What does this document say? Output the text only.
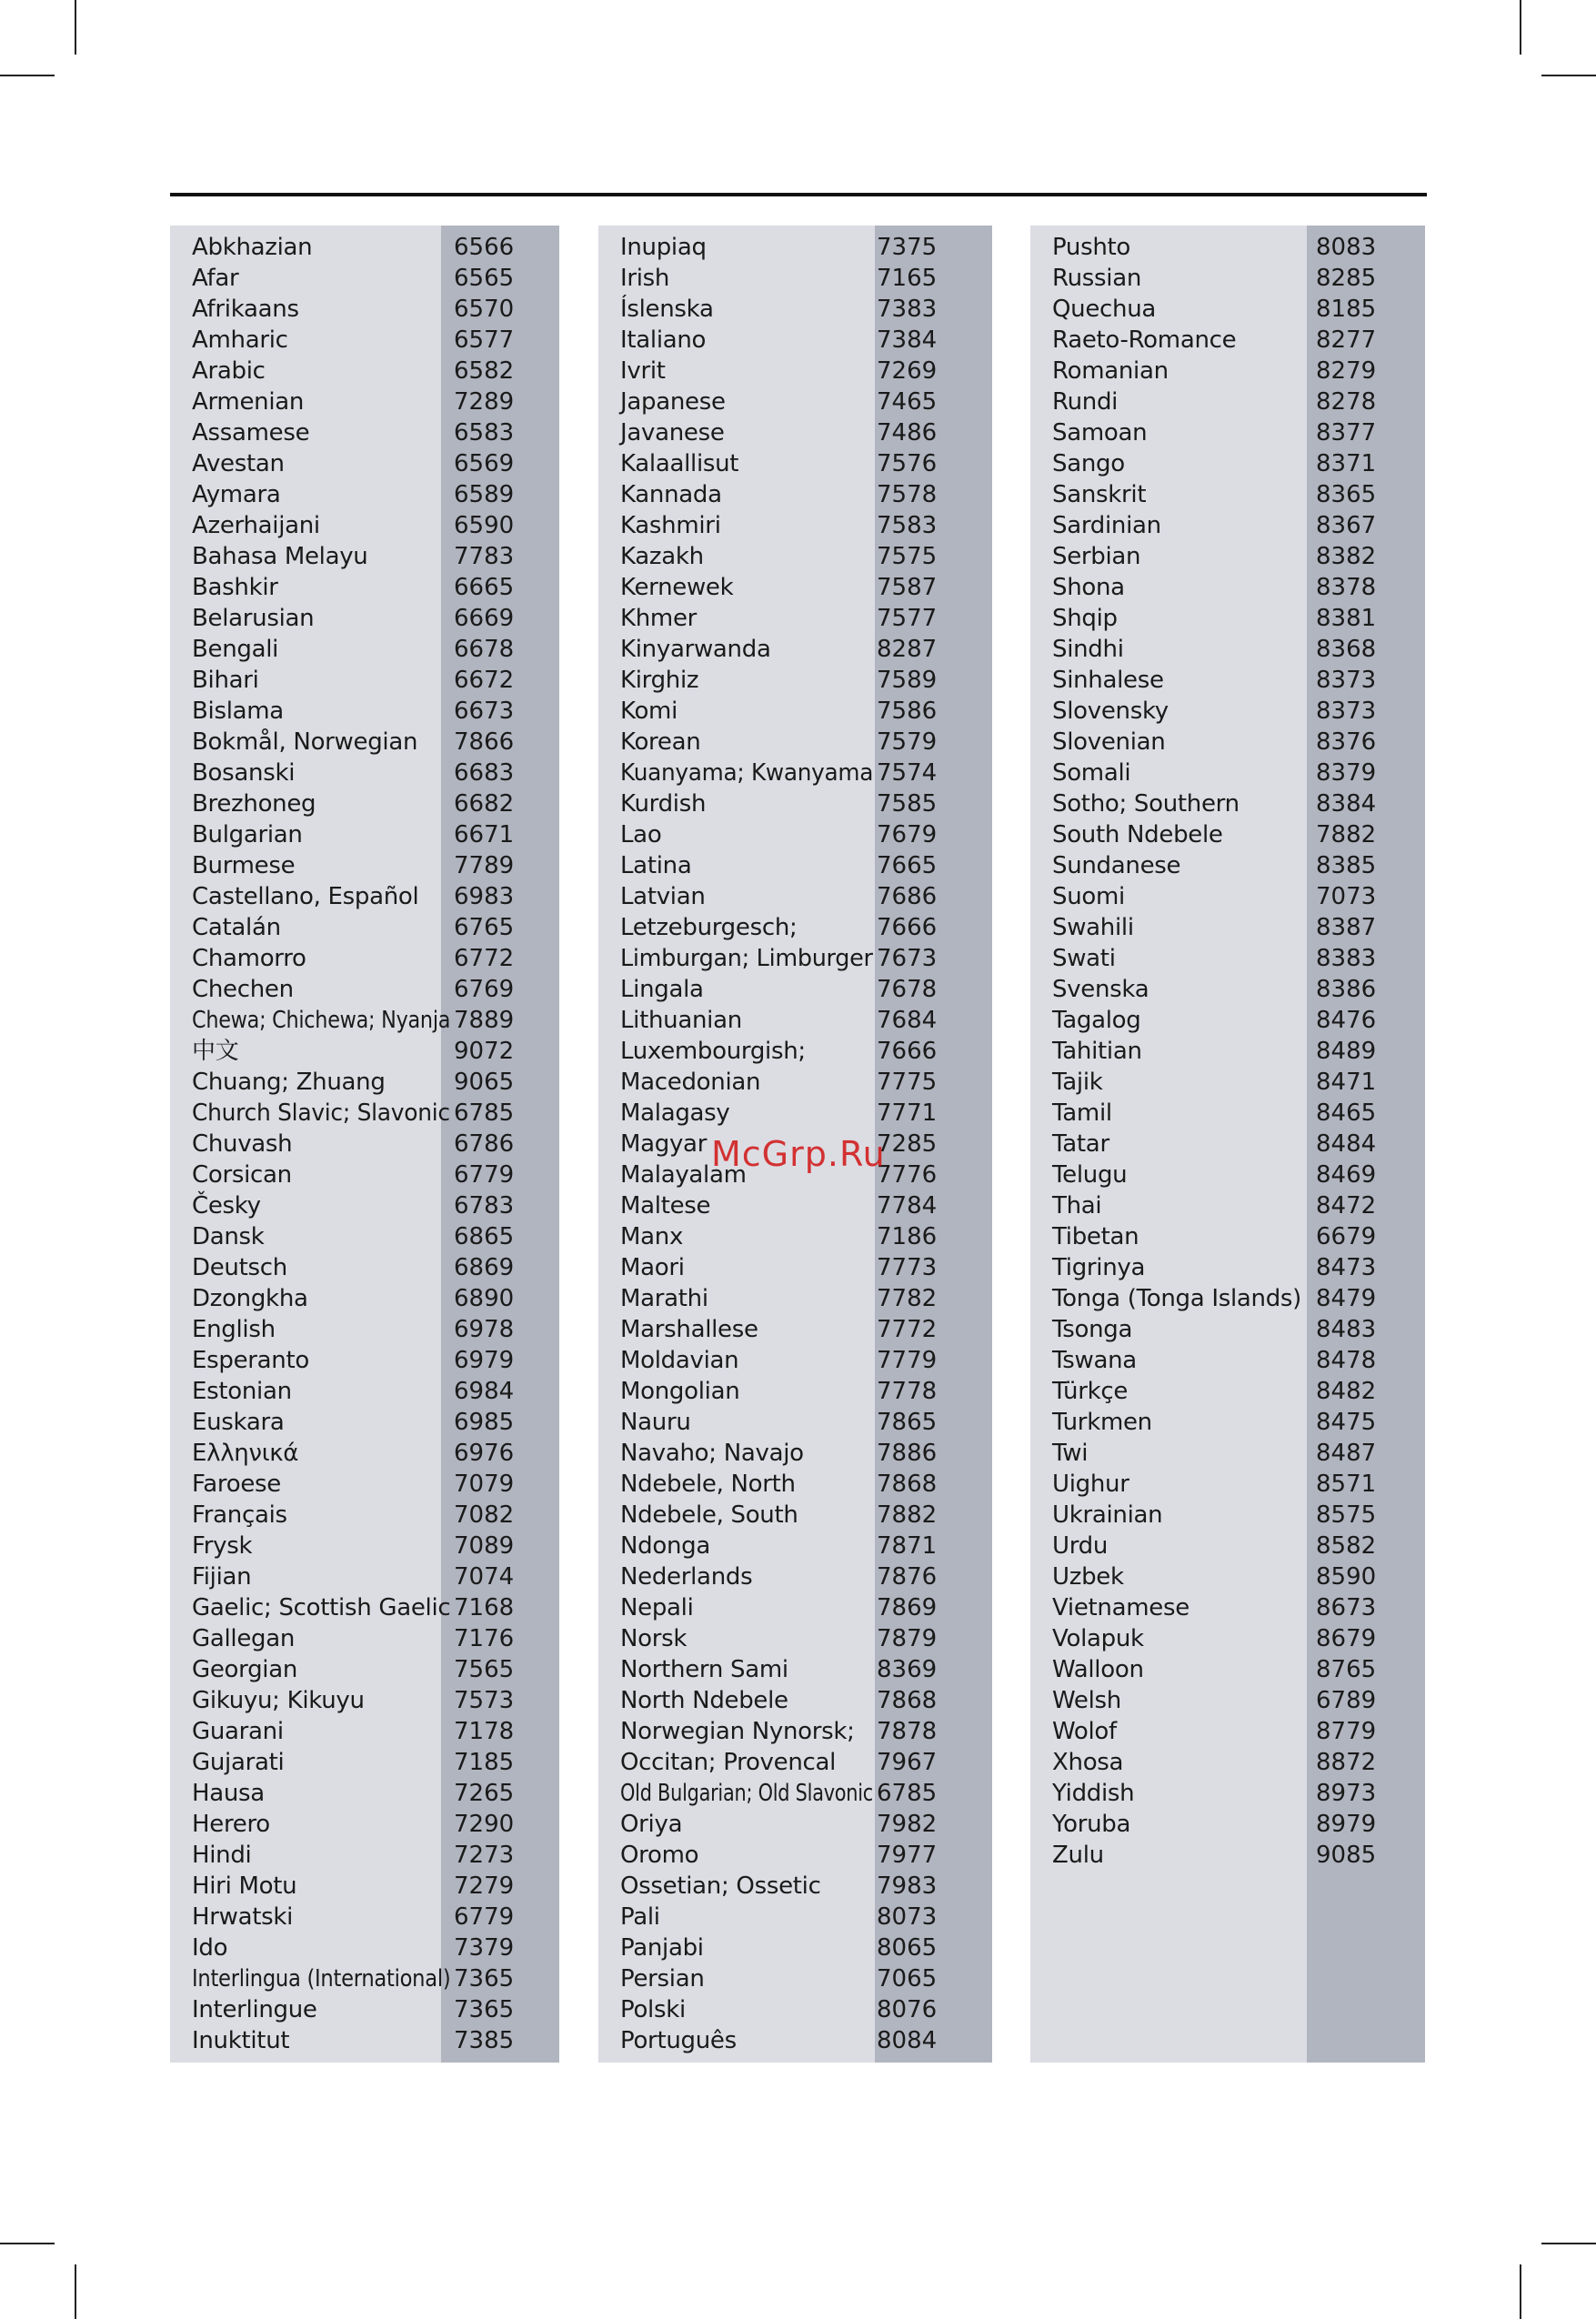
Abkhazian	6566
Afar	6565
Afrikaans	6570
Amharic	6577
Arabic	6582
Armenian	7289
Assamese	6583
Avestan	6569
Aymara	6589
Azerhaijani	6590
Bahasa Melayu	7783
Bashkir	6665
Belarusian	6669
Bengali	6678
Bihari	6672
Bislama	6673
Bokmål, Norwegian 7866
Bosanski	6683
Brezhoneg	6682
Bulgarian	6671
Burmese	7789
Castellano, Español 6983
Catalán	6765
Chamorro	6772
Chechen	6769
Chewa; Chichewa; Nyanja 7889
中文	9072
Chuang; Zhuang	9065
Church Slavic; Slavonic 6785
Chuvash	6786
Corsican	6779
Česky	6783
Dansk	6865
Deutsch	6869
Dzongkha	6890
English	6978
Esperanto	6979
Estonian	6984
Euskara	6985
Ελληνικά	6976
Faroese	7079
Français	7082
Frysk	7089
Fijian	7074
Gaelic; Scottish Gaelic 7168
Gallegan	7176
Georgian	7565
Gikuyu; Kikuyu	7573
Guarani	7178
Gujarati	7185
Hausa	7265
Herero	7290
Hindi	7273
Hiri Motu	7279
Hrwatski	6779
Ido	7379
Interlingua (International) 7365
Interlingue	7365
Inuktitut	7385
Inupiaq	7375
Irish	7165
Íslenska	7383
Italiano	7384
Ivrit	7269
Japanese	7465
Javanese	7486
Kalaallisut	7576
Kannada	7578
Kashmiri	7583
Kazakh	7575
Kernewek	7587
Khmer	7577
Kinyarwanda	8287
Kirghiz	7589
Komi	7586
Korean	7579
Kuanyama; Kwanyama 7574
Kurdish	7585
Lao	7679
Latina	7665
Latvian	7686
Letzeburgesch;	7666
Limburgan; Limburger 7673
Lingala	7678
Lithuanian	7684
Luxembourgish;	7666
Macedonian	7775
Malagasy	7771
Magyar	7285
Malayalam	7776
Maltese	7784
Manx	7186
Maori	7773
Marathi	7782
Marshallese	7772
Moldavian	7779
Mongolian	7778
Nauru	7865
Navaho; Navajo	7886
Ndebele, North	7868
Ndebele, South	7882
Ndonga	7871
Nederlands	7876
Nepali	7869
Norsk	7879
Northern Sami	8369
North Ndebele	7868
Norwegian Nynorsk; 7878
Occitan; Provencal 7967
Old Bulgarian; Old Slavonic 6785
Oriya	7982
Oromo	7977
Ossetian; Ossetic 7983
Pali	8073
Panjabi	8065
Persian	7065
Polski	8076
Português	8084
Pushto	8083
Russian	8285
Quechua	8185
Raeto-Romance	8277
Romanian	8279
Rundi	8278
Samoan	8377
Sango	8371
Sanskrit	8365
Sardinian	8367
Serbian	8382
Shona	8378
Shqip	8381
Sindhi	8368
Sinhalese	8373
Slovensky	8373
Slovenian	8376
Somali	8379
Sotho; Southern	8384
South Ndebele	7882
Sundanese	8385
Suomi	7073
Swahili	8387
Swati	8383
Svenska	8386
Tagalog	8476
Tahitian	8489
Tajik	8471
Tamil	8465
Tatar	8484
Telugu	8469
Thai	8472
Tibetan	6679
Tigrinya	8473
Tonga (Tonga Islands) 8479
Tsonga	8483
Tswana	8478
Türkçe	8482
Turkmen	8475
Twi	8487
Uighur	8571
Ukrainian	8575
Urdu	8582
Uzbek	8590
Vietnamese	8673
Volapuk	8679
Walloon	8765
Welsh	6789
Wolof	8779
Xhosa	8872
Yiddish	8973
Yoruba	8979
Zulu	9085
McGrp.Ru
